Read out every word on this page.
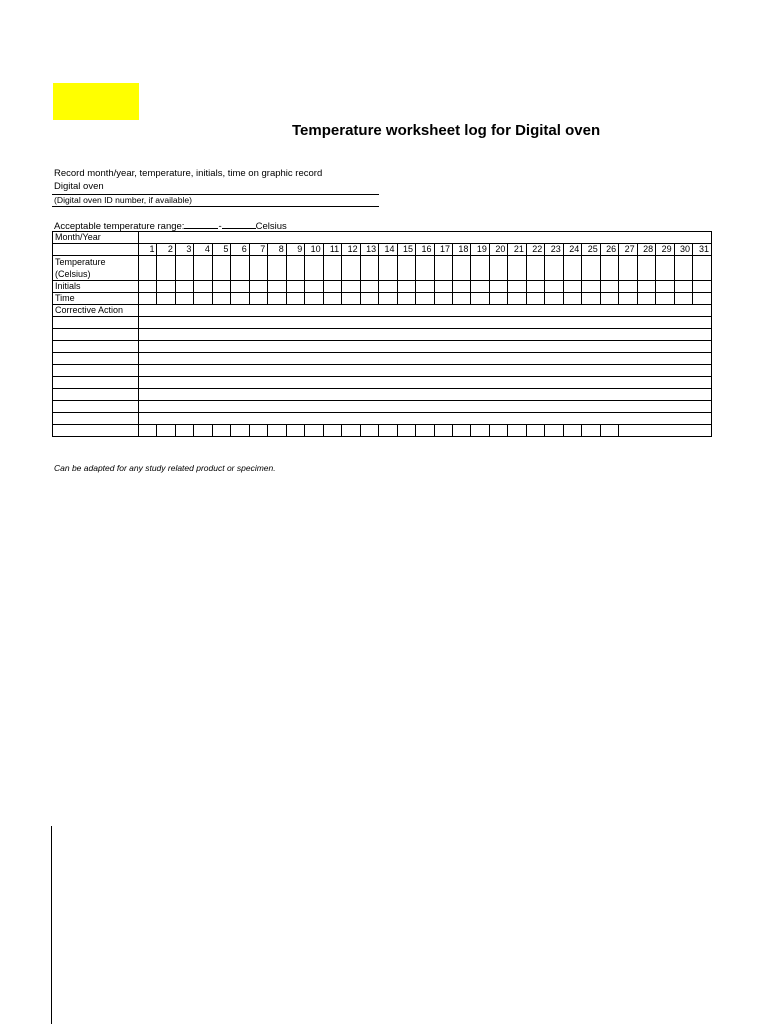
Temperature worksheet log for Digital oven
Record month/year, temperature, initials, time on graphic record
Digital oven
(Digital oven ID number, if available)
Acceptable temperature range:	-	Celsius
Month/Year																															
	1	2	3	4	5	6	7	8	9	10	11	12	13	14	15	16	17	18	19	20	21	22	23	24	25	26	27	28	29	30	31
Temperature (Celsius)																															
Initials																															
Time																															
Corrective Action																															

Can be adapted for any study related product or specimen.
